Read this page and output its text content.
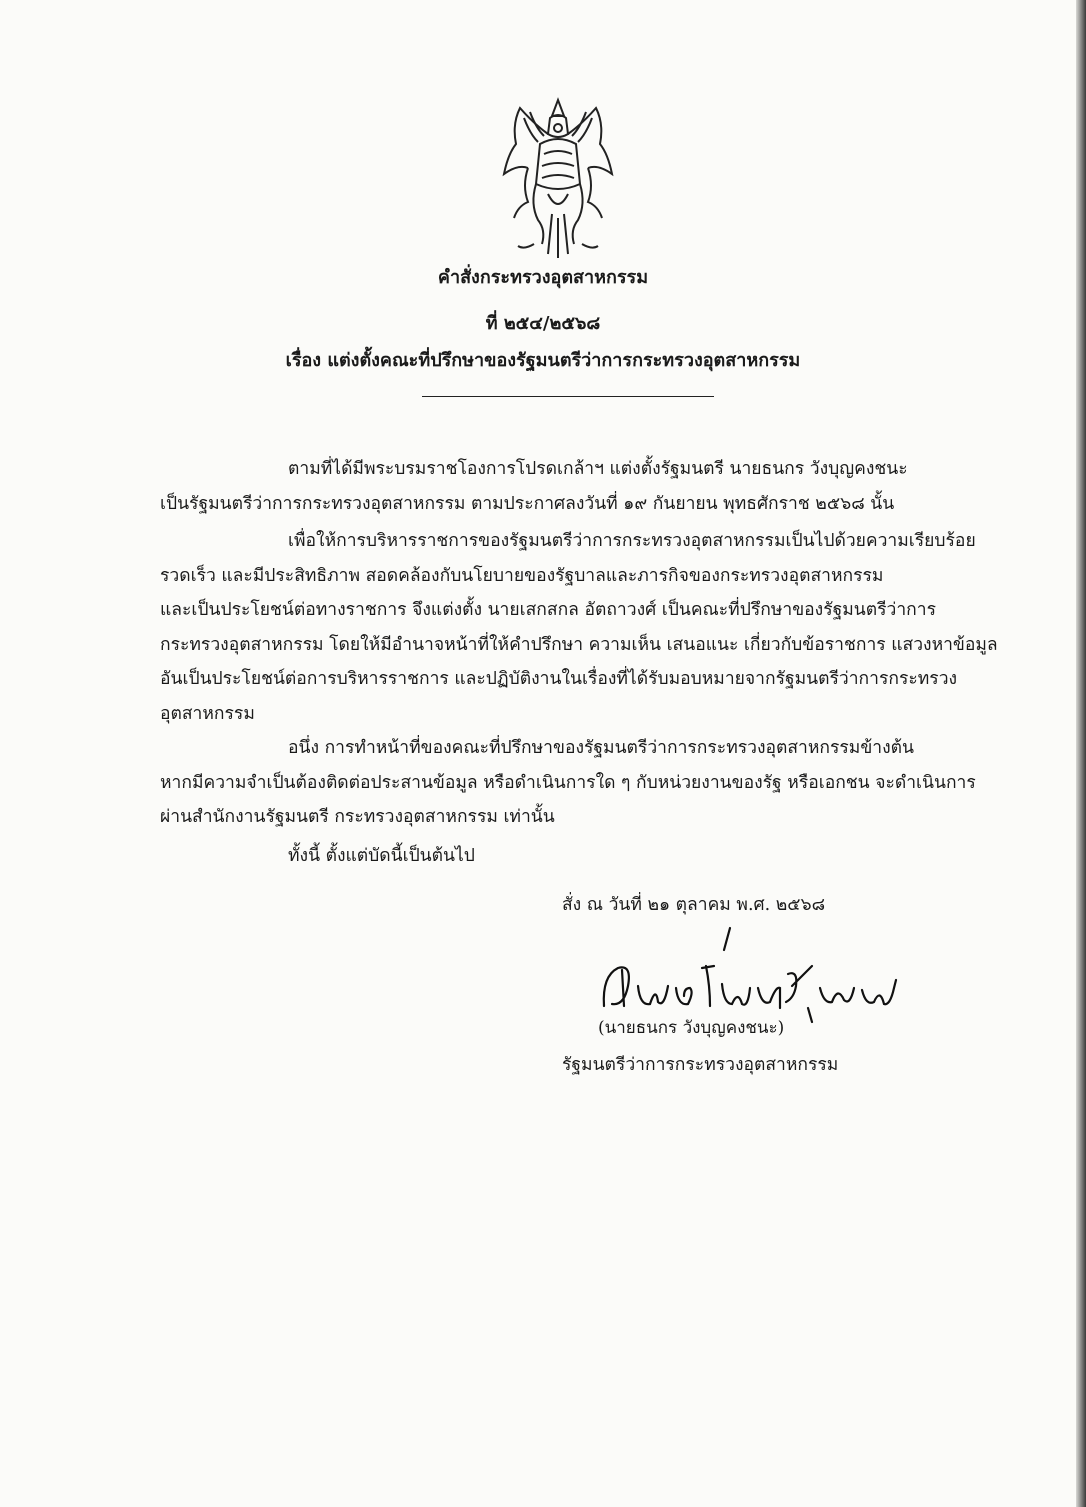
คำสั่งกระทรวงอุตสาหกรรม
ที่ ๒๕๔/๒๕๖๘
เรื่อง แต่งตั้งคณะที่ปรึกษาของรัฐมนตรีว่าการกระทรวงอุตสาหกรรม
ตามที่ได้มีพระบรมราชโองการโปรดเกล้าฯ แต่งตั้งรัฐมนตรี นายธนกร วังบุญคงชนะ
เป็นรัฐมนตรีว่าการกระทรวงอุตสาหกรรม ตามประกาศลงวันที่ ๑๙ กันยายน พุทธศักราช ๒๕๖๘ นั้น
เพื่อให้การบริหารราชการของรัฐมนตรีว่าการกระทรวงอุตสาหกรรมเป็นไปด้วยความเรียบร้อย
รวดเร็ว และมีประสิทธิภาพ สอดคล้องกับนโยบายของรัฐบาลและภารกิจของกระทรวงอุตสาหกรรม
และเป็นประโยชน์ต่อทางราชการ จึงแต่งตั้ง นายเสกสกล อัตถาวงศ์ เป็นคณะที่ปรึกษาของรัฐมนตรีว่าการ
กระทรวงอุตสาหกรรม โดยให้มีอำนาจหน้าที่ให้คำปรึกษา ความเห็น เสนอแนะ เกี่ยวกับข้อราชการ แสวงหาข้อมูล
อันเป็นประโยชน์ต่อการบริหารราชการ และปฏิบัติงานในเรื่องที่ได้รับมอบหมายจากรัฐมนตรีว่าการกระทรวง
อุตสาหกรรม
อนึ่ง การทำหน้าที่ของคณะที่ปรึกษาของรัฐมนตรีว่าการกระทรวงอุตสาหกรรมข้างต้น
หากมีความจำเป็นต้องติดต่อประสานข้อมูล หรือดำเนินการใด ๆ กับหน่วยงานของรัฐ หรือเอกชน จะดำเนินการ
ผ่านสำนักงานรัฐมนตรี กระทรวงอุตสาหกรรม เท่านั้น
ทั้งนี้ ตั้งแต่บัดนี้เป็นต้นไป
สั่ง ณ วันที่ ๒๑ ตุลาคม พ.ศ. ๒๕๖๘
(นายธนกร วังบุญคงชนะ)
รัฐมนตรีว่าการกระทรวงอุตสาหกรรม
